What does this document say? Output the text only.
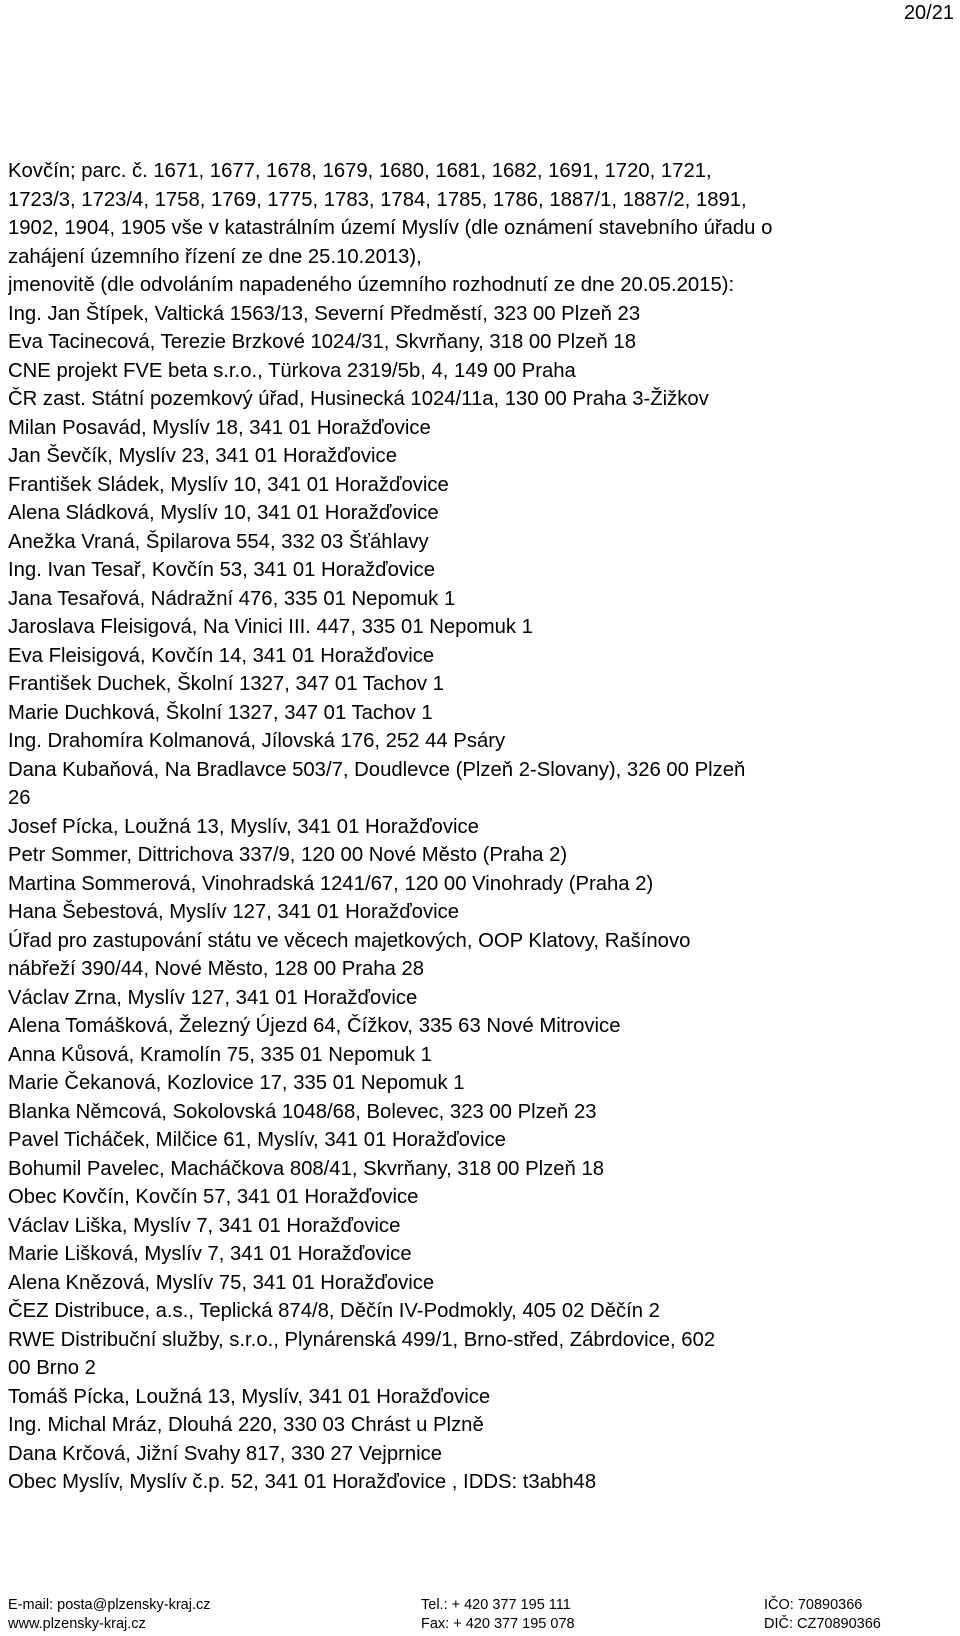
20/21
Kovčín; parc. č. 1671, 1677, 1678, 1679, 1680, 1681, 1682, 1691, 1720, 1721,
1723/3, 1723/4, 1758, 1769, 1775, 1783, 1784, 1785, 1786, 1887/1, 1887/2, 1891,
1902, 1904, 1905 vše v katastrálním území Myslív (dle oznámení stavebního úřadu o
zahájení územního řízení ze dne 25.10.2013),
jmenovitě (dle odvoláním napadeného územního rozhodnutí ze dne 20.05.2015):
Ing. Jan Štípek, Valtická 1563/13, Severní Předměstí, 323 00 Plzeň 23
Eva Tacinecová, Terezie Brzkové 1024/31, Skvrňany, 318 00 Plzeň 18
CNE projekt FVE beta s.r.o., Türkova 2319/5b, 4, 149 00 Praha
ČR zast. Státní pozemkový úřad, Husinecká 1024/11a, 130 00 Praha 3-Žižkov
Milan Posavád, Myslív 18, 341 01 Horažďovice
Jan Ševčík, Myslív 23, 341 01 Horažďovice
František Sládek, Myslív 10, 341 01 Horažďovice
Alena Sládková, Myslív 10, 341 01 Horažďovice
Anežka Vraná, Špilarova 554, 332 03 Šťáhlavy
Ing. Ivan Tesař, Kovčín 53, 341 01 Horažďovice
Jana Tesařová, Nádražní 476, 335 01 Nepomuk 1
Jaroslava Fleisigová, Na Vinici III. 447, 335 01 Nepomuk 1
Eva Fleisigová, Kovčín 14, 341 01 Horažďovice
František Duchek, Školní 1327, 347 01 Tachov 1
Marie Duchková, Školní 1327, 347 01 Tachov 1
Ing. Drahomíra Kolmanová, Jílovská 176, 252 44 Psáry
Dana Kubaňová, Na Bradlavce 503/7, Doudlevce (Plzeň 2-Slovany), 326 00 Plzeň
26
Josef Pícka, Loužná 13, Myslív, 341 01 Horažďovice
Petr Sommer, Dittrichova 337/9, 120 00 Nové Město (Praha 2)
Martina Sommerová, Vinohradská 1241/67, 120 00 Vinohrady (Praha 2)
Hana Šebestová, Myslív 127, 341 01 Horažďovice
Úřad pro zastupování státu ve věcech majetkových, OOP Klatovy, Rašínovo
nábřeží 390/44, Nové Město, 128 00 Praha 28
Václav Zrna, Myslív 127, 341 01 Horažďovice
Alena Tomášková, Železný Újezd 64, Čížkov, 335 63 Nové Mitrovice
Anna Kůsová, Kramolín 75, 335 01 Nepomuk 1
Marie Čekanová, Kozlovice 17, 335 01 Nepomuk 1
Blanka Němcová, Sokolovská 1048/68, Bolevec, 323 00 Plzeň 23
Pavel Ticháček, Milčice 61, Myslív, 341 01 Horažďovice
Bohumil Pavelec, Macháčkova 808/41, Skvrňany, 318 00 Plzeň 18
Obec Kovčín, Kovčín 57, 341 01 Horažďovice
Václav Liška, Myslív 7, 341 01 Horažďovice
Marie Lišková, Myslív 7, 341 01 Horažďovice
Alena Knězová, Myslív 75, 341 01 Horažďovice
ČEZ Distribuce, a.s., Teplická 874/8, Děčín IV-Podmokly, 405 02 Děčín 2
RWE Distribuční služby, s.r.o., Plynárenská 499/1, Brno-střed, Zábrdovice, 602
00 Brno 2
Tomáš Pícka, Loužná 13, Myslív, 341 01 Horažďovice
Ing. Michal Mráz, Dlouhá 220, 330 03 Chrást u Plzně
Dana Krčová, Jižní Svahy 817, 330 27 Vejprnice
Obec Myslív, Myslív č.p. 52, 341 01 Horažďovice , IDDS: t3abh48
E-mail: posta@plzensky-kraj.cz
www.plzensky-kraj.cz
Tel.: + 420 377 195 111
Fax: + 420 377 195 078
IČO: 70890366
DIČ: CZ70890366
